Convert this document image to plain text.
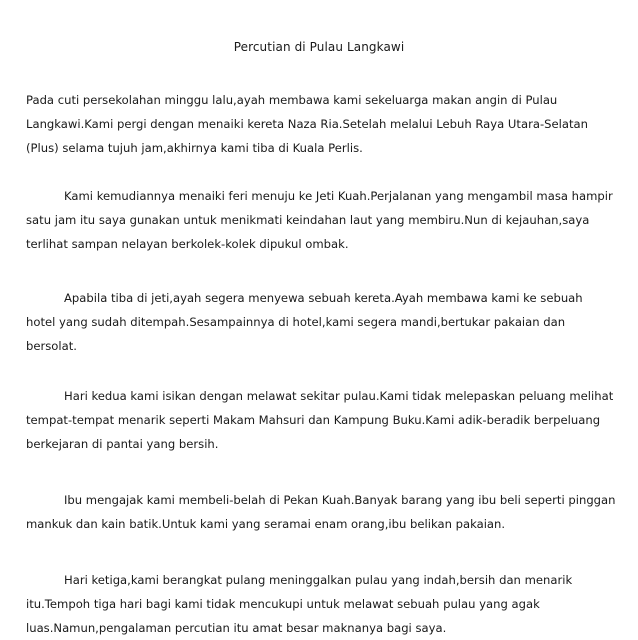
Percutian di Pulau Langkawi

Pada cuti persekolahan minggu lalu,ayah membawa kami sekeluarga makan angin di Pulau
Langkawi.Kami pergi dengan menaiki kereta Naza Ria.Setelah melalui Lebuh Raya Utara-Selatan
(Plus) selama tujuh jam,akhirnya kami tiba di Kuala Perlis.

Kami kemudiannya menaiki feri menuju ke Jeti Kuah.Perjalanan yang mengambil masa hampir
satu jam itu saya gunakan untuk menikmati keindahan laut yang membiru.Nun di kejauhan,saya
terlihat sampan nelayan berkolek-kolek dipukul ombak.

Apabila tiba di jeti,ayah segera menyewa sebuah kereta.Ayah membawa kami ke sebuah
hotel yang sudah ditempah.Sesampainnya di hotel,kami segera mandi,bertukar pakaian dan
bersolat.

Hari kedua kami isikan dengan melawat sekitar pulau.Kami tidak melepaskan peluang melihat
tempat-tempat menarik seperti Makam Mahsuri dan Kampung Buku.Kami adik-beradik berpeluang
berkejaran di pantai yang bersih.

Ibu mengajak kami membeli-belah di Pekan Kuah.Banyak barang yang ibu beli seperti pinggan
mankuk dan kain batik.Untuk kami yang seramai enam orang,ibu belikan pakaian.

Hari ketiga,kami berangkat pulang meninggalkan pulau yang indah,bersih dan menarik
itu.Tempoh tiga hari bagi kami tidak mencukupi untuk melawat sebuah pulau yang agak
luas.Namun,pengalaman percutian itu amat besar maknanya bagi saya.
